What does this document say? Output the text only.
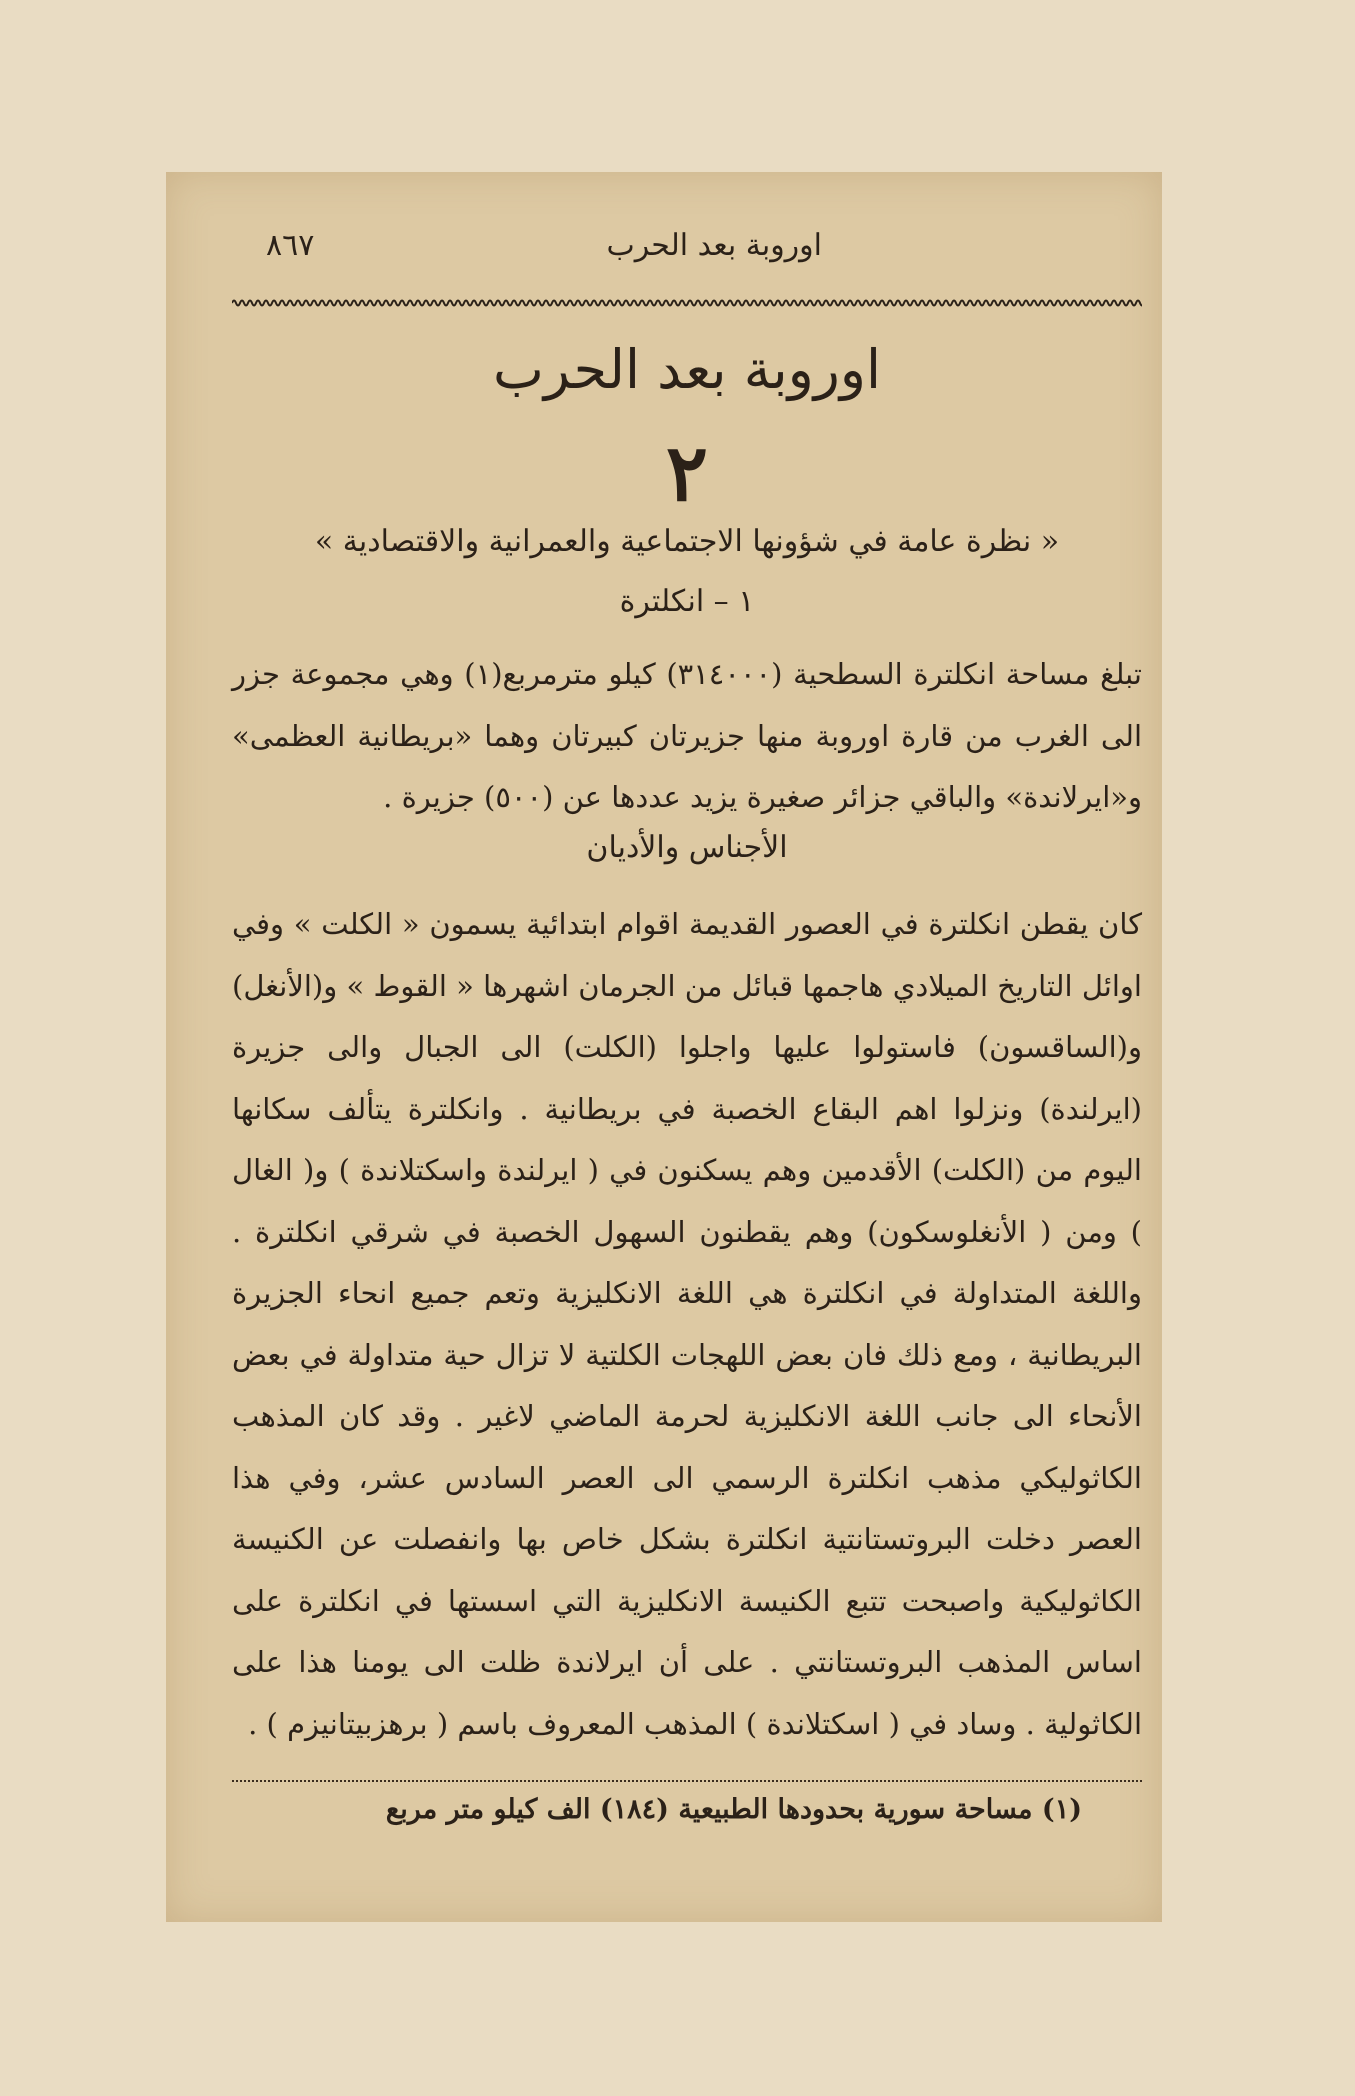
اوروبة بعد الحرب
٨٦٧
اوروبة بعد الحرب
٢
« نظرة عامة في شؤونها الاجتماعية والعمرانية والاقتصادية »
١ – انكلترة
تبلغ مساحة انكلترة السطحية (٣١٤٠٠٠) كيلو مترمربع(١) وهي مجموعة جزر الى الغرب من قارة اوروبة منها جزيرتان كبيرتان وهما «بريطانية العظمى» و«ايرلاندة» والباقي جزائر صغيرة يزيد عددها عن (٥٠٠) جزيرة .
الأجناس والأديان
كان يقطن انكلترة في العصور القديمة اقوام ابتدائية يسمون « الكلت » وفي اوائل التاريخ الميلادي هاجمها قبائل من الجرمان اشهرها « القوط » و(الأنغل) و(الساقسون) فاستولوا عليها واجلوا (الكلت) الى الجبال والى جزيرة (ايرلندة) ونزلوا اهم البقاع الخصبة في بريطانية . وانكلترة يتألف سكانها اليوم من (الكلت) الأقدمين وهم يسكنون في ( ايرلندة واسكتلاندة ) و( الغال ) ومن ( الأنغلوسكون) وهم يقطنون السهول الخصبة في شرقي انكلترة . واللغة المتداولة في انكلترة هي اللغة الانكليزية وتعم جميع انحاء الجزيرة البريطانية ، ومع ذلك فان بعض اللهجات الكلتية لا تزال حية متداولة في بعض الأنحاء الى جانب اللغة الانكليزية لحرمة الماضي لاغير . وقد كان المذهب الكاثوليكي مذهب انكلترة الرسمي الى العصر السادس عشر، وفي هذا العصر دخلت البروتستانتية انكلترة بشكل خاص بها وانفصلت عن الكنيسة الكاثوليكية واصبحت تتبع الكنيسة الانكليزية التي اسستها في انكلترة على اساس المذهب البروتستانتي . على أن ايرلاندة ظلت الى يومنا هذا على الكاثولية . وساد في ( اسكتلاندة ) المذهب المعروف باسم ( برهزبيتانيزم ) .
(١) مساحة سورية بحدودها الطبيعية (١٨٤) الف كيلو متر مربع
